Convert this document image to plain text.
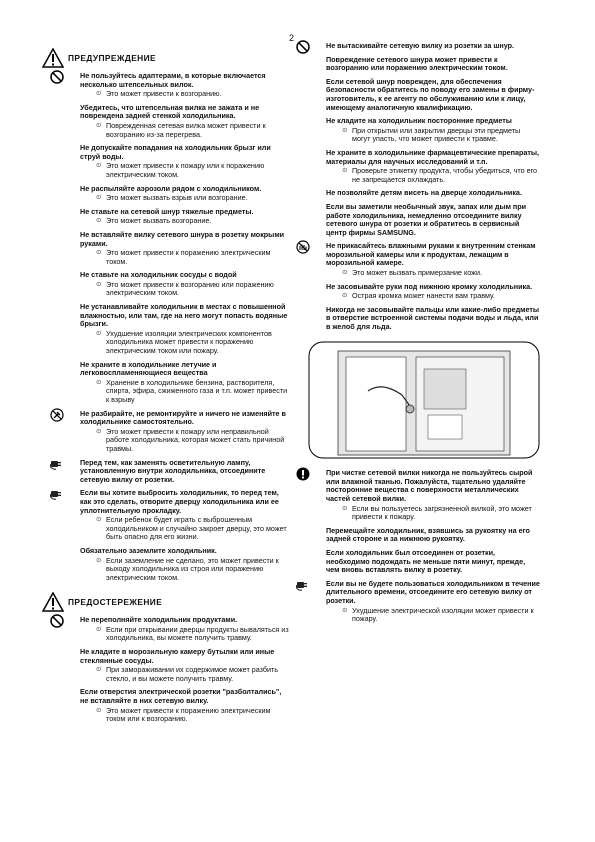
2
ПРЕДУПРЕЖДЕНИЕ
Не пользуйтесь адаптерами, в которые включается несколько штепсельных вилок.
⊙ Это может привести к возгоранию.
Убедитесь, что штепсельная вилка не зажата и не повреждена задней стенкой холодильника.
⊙ Поврежденная сетевая вилка может привести к возгоранию из-за перегрева.
Не допускайте попадания на холодильник брызг или струй воды.
⊙ Это может привести к пожару или к поражению электрическим током.
Не распыляйте аэрозоли рядом с холодильником.
⊙ Это может вызвать взрыв или возгорание.
Не ставьте на сетевой шнур тяжелые предметы.
⊙ Это может вызвать возгорание.
Не вставляйте вилку сетевого шнура в розетку мокрыми руками.
⊙ Это может привести к поражению электрическим током.
Не ставьте на холодильник сосуды с водой
⊙ Это может привести к возгоранию или поражению электрическим током.
Не устанавливайте холодильник в местах с повышенной влажностью, или там, где на него могут попасть водяные брызги.
⊙ Ухудшение изоляции электрических компонентов холодильника может привести к поражению электрическим током или пожару.
Не храните в холодильнике летучие и легковоспламеняющиеся вещества
⊙ Хранение в холодильнике бензина, растворителя, спирта, эфира, сжиженного газа и т.п. может привести к взрыву
Не разбирайте, не ремонтируйте и ничего не изменяйте в холодильнике самостоятельно.
⊙ Это может привести к пожару или неправильной работе холодильника, которая может стать причиной травмы.
Перед тем, как заменять осветительную лампу, установленную внутри холодильника, отсоедините сетевую вилку от розетки.
Если вы хотите выбросить холодильник, то перед тем, как это сделать, отворите дверцу холодильника или ее уплотнительную прокладку.
⊙ Если ребенок будет играть с выброшенным холодильником и случайно закроет дверцу, это может быть опасно для его жизни.
Обязательно заземлите холодильник.
⊙ Если заземление не сделано, это может привести к выходу холодильника из строя или поражению электрическим током.
ПРЕДОСТЕРЕЖЕНИЕ
Не переполняйте холодильник продуктами.
⊙ Если при открывании дверцы продукты вываляться из холодильника, вы можете получить травму.
Не кладите в морозильную камеру бутылки или иные стеклянные сосуды.
⊙ При замораживании их содержимое может разбить стекло, и вы можете получить травму.
Если отверстия электрической розетки "разболтались", не вставляйте в них сетевую вилку.
⊙ Это может привести к поражению электрическим током или к возгоранию.
Не вытаскивайте сетевую вилку из розетки за шнур.
Повреждение сетевого шнура может привести к возгоранию или поражению электрическим током.
Если сетевой шнур поврежден, для обеспечения безопасности обратитесь по поводу его замены в фирму-изготовитель, к ее агенту по обслуживанию или к лицу, имеющему аналогичную квалификацию.
Не кладите на холодильник посторонние предметы
⊙ При открытии или закрытии дверцы эти предметы могут упасть, что может привести к травме.
Не храните в холодильнике фармацевтические препараты, материалы для научных исследований и т.п.
⊙ Проверьте этикетку продукта, чтобы убедиться, что его не запрещается охлаждать.
Не позволяйте детям висеть на дверце холодильника.
Если вы заметили необычный звук, запах или дым при работе холодильника, немедленно отсоедините вилку сетевого шнура от розетки и обратитесь в сервисный центр фирмы SAMSUNG.
Не прикасайтесь влажными руками к внутренним стенкам морозильной камеры или к продуктам, лежащим в морозильной камере.
⊙ Это может вызвать примерзание кожи.
Не засовывайте руки под нижнюю кромку холодильника.
⊙ Острая кромка может нанести вам травму.
Никогда не засовывайте пальцы или какие-либо предметы в отверстие встроенной системы подачи воды и льда, или в желоб для льда.
При чистке сетевой вилки никогда не пользуйтесь сырой или влажной тканью. Пожалуйста, тщательно удаляйте посторонние вещества с поверхности металлических частей сетевой вилки.
⊙ Если вы пользуетесь загрязненной вилкой, это может привести к пожару.
Перемещайте холодильник, взявшись за рукоятку на его задней стороне и за нижнюю рукоятку.
Если холодильник был отсоединен от розетки, необходимо подождать не меньше пяти минут, прежде, чем вновь вставлять вилку в розетку.
Если вы не будете пользоваться холодильником в течение длительного времени, отсоедините его сетевую вилку от розетки.
⊙ Ухудшение электрической изоляции может привести к пожару.
